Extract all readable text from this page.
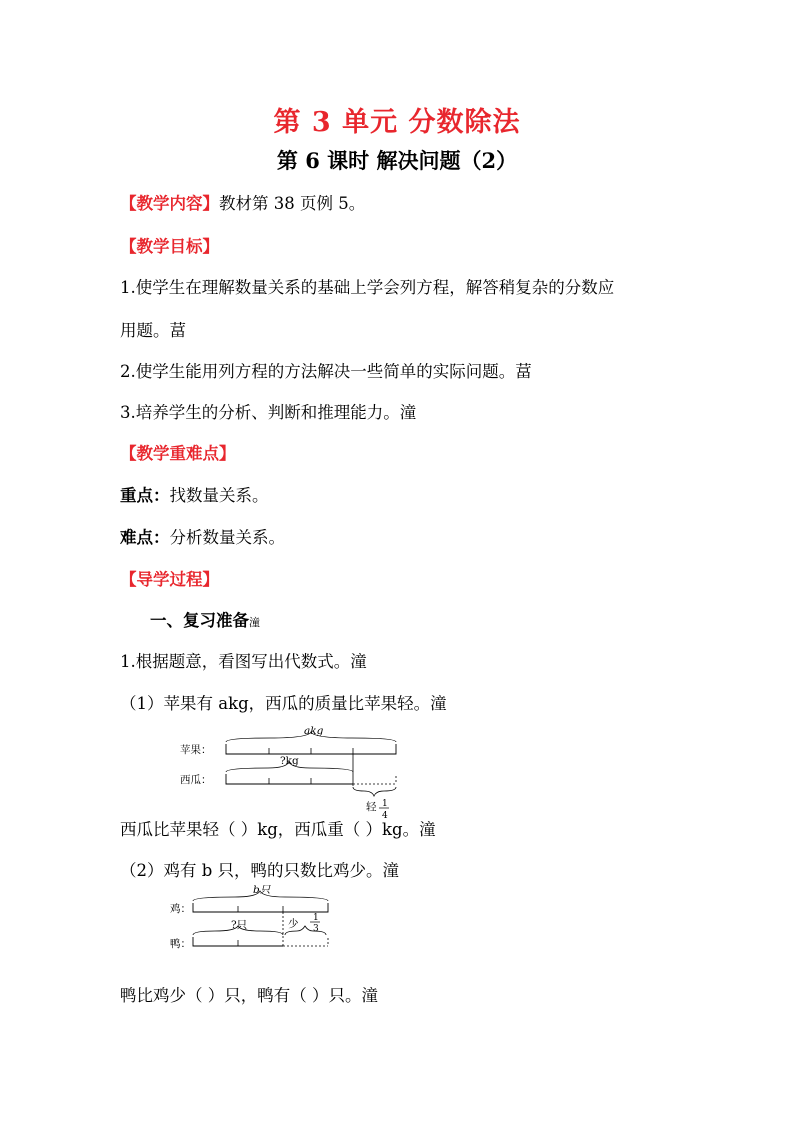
第 3 单元 分数除法
第 6 课时 解决问题（2）
【教学内容】教材第 38 页例 5。
【教学目标】
1.使学生在理解数量关系的基础上学会列方程，解答稍复杂的分数应
用题。葍
2.使学生能用列方程的方法解决一些简单的实际问题。葍
3.培养学生的分析、判断和推理能力。潼
【教学重难点】
重点：找数量关系。
难点：分析数量关系。
【导学过程】
一、复习准备潼
1.根据题意，看图写出代数式。潼
（1）苹果有 akg，西瓜的质量比苹果轻。潼
苹果：
西瓜：
akg
?kg
轻 1
4
西瓜比苹果轻（ ）kg，西瓜重（ ）kg。潼
（2）鸡有 b 只，鸭的只数比鸡少。潼
鸡：
鸭：
b只
?只	少 1
3
鸭比鸡少（ ）只，鸭有（ ）只。潼
